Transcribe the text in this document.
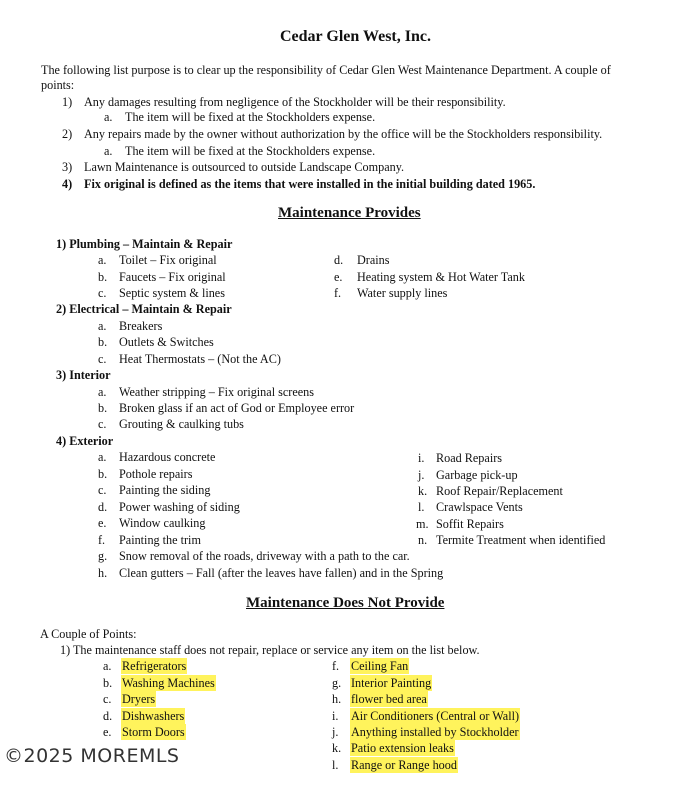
Cedar Glen West, Inc.
The following list purpose is to clear up the responsibility of Cedar Glen West Maintenance Department. A couple of
points:
1) Any damages resulting from negligence of the Stockholder will be their responsibility.
a. The item will be fixed at the Stockholders expense.
2) Any repairs made by the owner without authorization by the office will be the Stockholders responsibility.
a. The item will be fixed at the Stockholders expense.
3) Lawn Maintenance is outsourced to outside Landscape Company.
4) Fix original is defined as the items that were installed in the initial building dated 1965.
Maintenance Provides
1) Plumbing – Maintain & Repair
a. Toilet – Fix original
b. Faucets – Fix original
c. Septic system & lines
d. Drains
e. Heating system & Hot Water Tank
f. Water supply lines
2) Electrical – Maintain & Repair
a. Breakers
b. Outlets & Switches
c. Heat Thermostats – (Not the AC)
3) Interior
a. Weather stripping – Fix original screens
b. Broken glass if an act of God or Employee error
c. Grouting & caulking tubs
4) Exterior
a. Hazardous concrete
b. Pothole repairs
c. Painting the siding
d. Power washing of siding
e. Window caulking
f. Painting the trim
g. Snow removal of the roads, driveway with a path to the car.
h. Clean gutters – Fall (after the leaves have fallen) and in the Spring
i. Road Repairs
j. Garbage pick-up
k. Roof Repair/Replacement
l. Crawlspace Vents
m. Soffit Repairs
n. Termite Treatment when identified
Maintenance Does Not Provide
A Couple of Points:
1) The maintenance staff does not repair, replace or service any item on the list below.
a. Refrigerators
b. Washing Machines
c. Dryers
d. Dishwashers
e. Storm Doors
f. Ceiling Fan
g. Interior Painting
h. flower bed area
i. Air Conditioners (Central or Wall)
j. Anything installed by Stockholder
k. Patio extension leaks
l. Range or Range hood
©2025 MOREMLS
